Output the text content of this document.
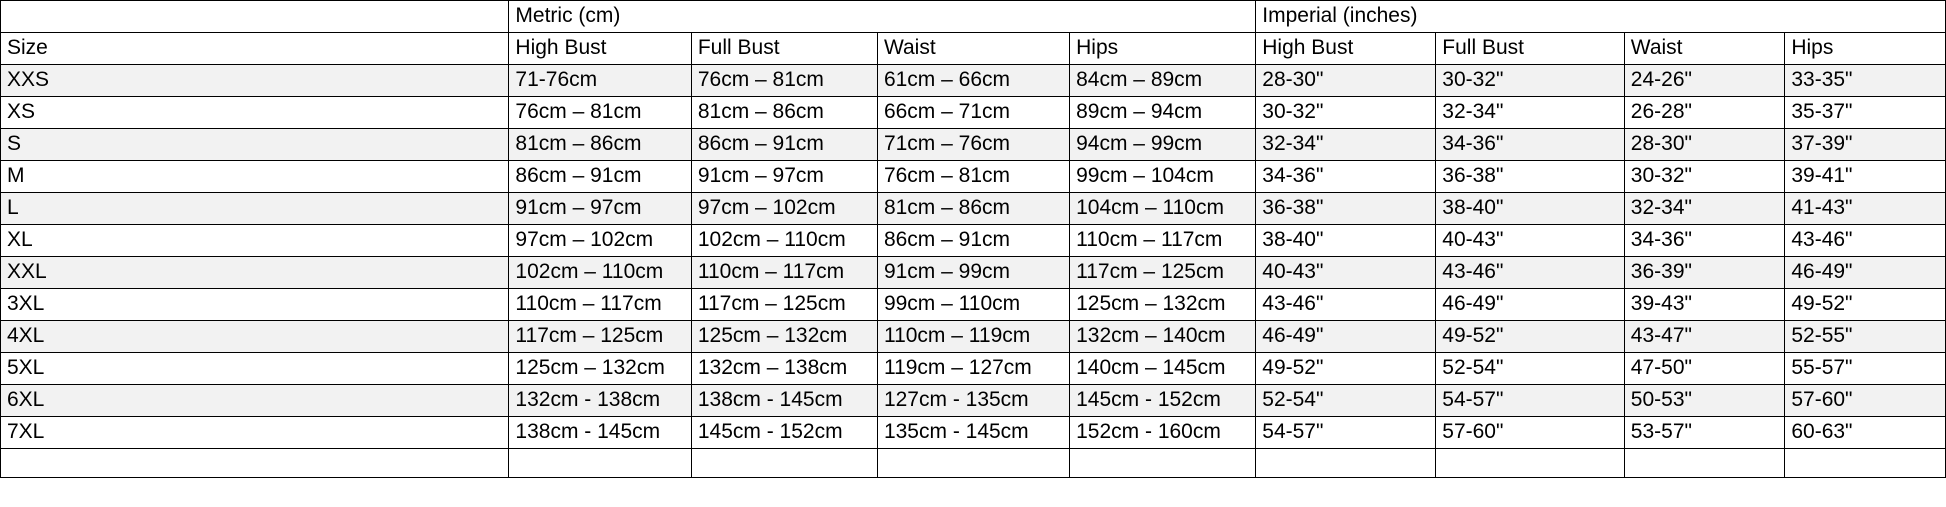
	Metric (cm)				Imperial (inches)			
Size	High Bust	Full Bust	Waist	Hips	High Bust	Full Bust	Waist	Hips
XXS	71-76cm	76cm – 81cm	61cm – 66cm	84cm – 89cm	28-30"	30-32"	24-26"	33-35"
XS	76cm – 81cm	81cm – 86cm	66cm – 71cm	89cm – 94cm	30-32"	32-34"	26-28"	35-37"
S	81cm – 86cm	86cm – 91cm	71cm – 76cm	94cm – 99cm	32-34"	34-36"	28-30"	37-39"
M	86cm – 91cm	91cm – 97cm	76cm – 81cm	99cm – 104cm	34-36"	36-38"	30-32"	39-41"
L	91cm – 97cm	97cm – 102cm	81cm – 86cm	104cm – 110cm	36-38"	38-40"	32-34"	41-43"
XL	97cm – 102cm	102cm – 110cm	86cm – 91cm	110cm – 117cm	38-40"	40-43"	34-36"	43-46"
XXL	102cm – 110cm	110cm – 117cm	91cm – 99cm	117cm – 125cm	40-43"	43-46"	36-39"	46-49"
3XL	110cm – 117cm	117cm – 125cm	99cm – 110cm	125cm – 132cm	43-46"	46-49"	39-43"	49-52"
4XL	117cm – 125cm	125cm – 132cm	110cm – 119cm	132cm – 140cm	46-49"	49-52"	43-47"	52-55"
5XL	125cm – 132cm	132cm – 138cm	119cm – 127cm	140cm – 145cm	49-52"	52-54"	47-50"	55-57"
6XL	132cm - 138cm	138cm - 145cm	127cm - 135cm	145cm - 152cm	52-54"	54-57"	50-53"	57-60"
7XL	138cm - 145cm	145cm - 152cm	135cm - 145cm	152cm - 160cm	54-57"	57-60"	53-57"	60-63"
